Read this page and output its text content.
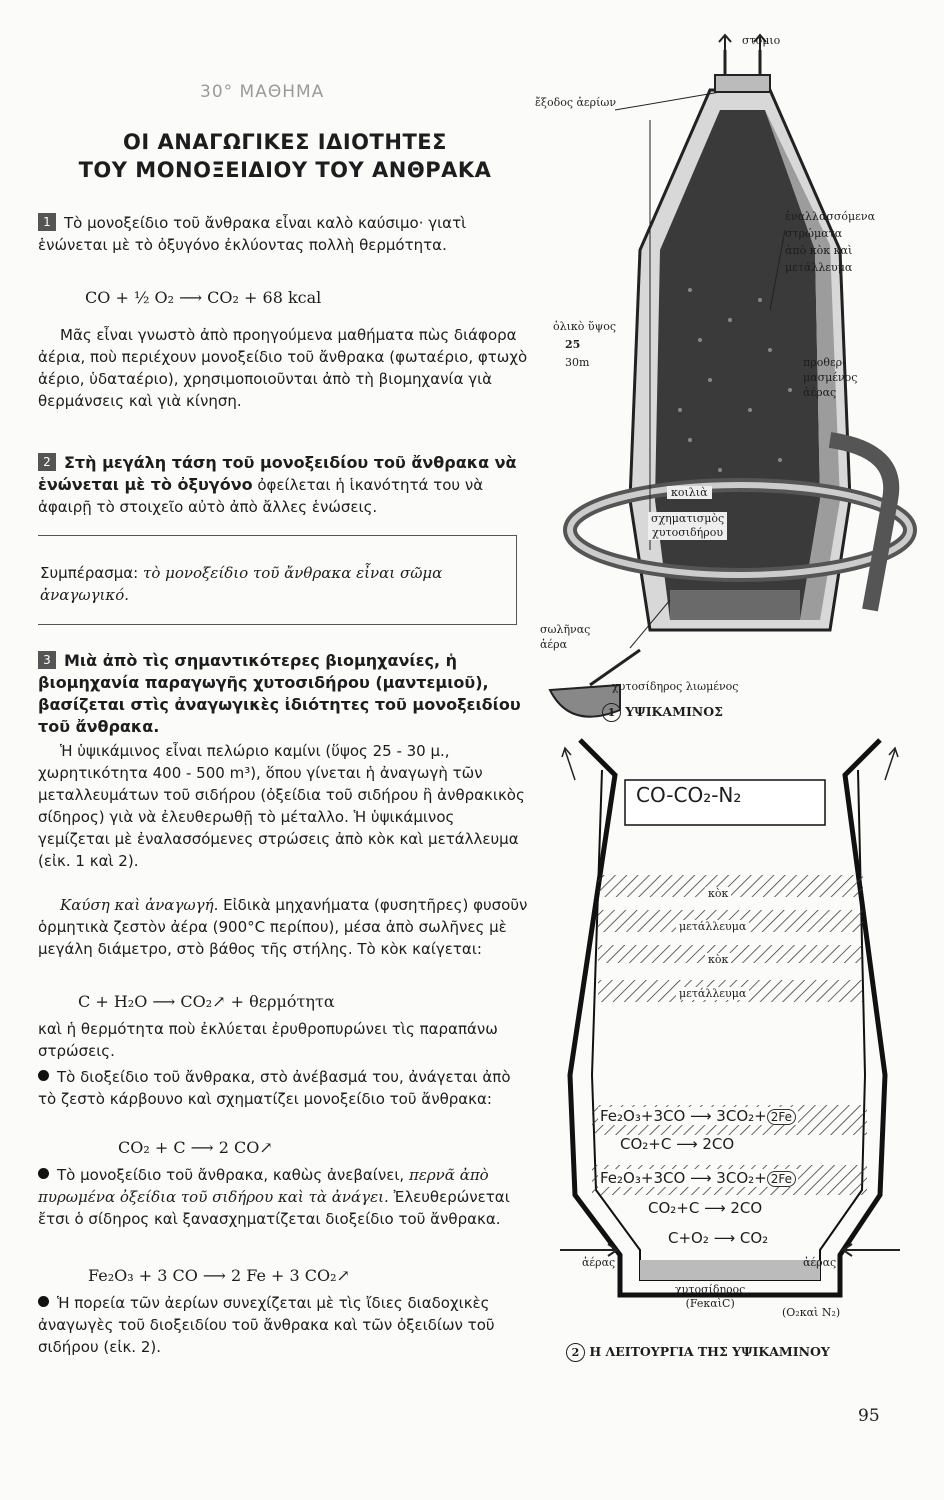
30° ΜΑΘΗΜΑ
ΟΙ ΑΝΑΓΩΓΙΚΕΣ ΙΔΙΟΤΗΤΕΣ
ΤΟΥ ΜΟΝΟΞΕΙΔΙΟΥ ΤΟΥ ΑΝΘΡΑΚΑ
1 Τὸ μονοξείδιο τοῦ ἄνθρακα εἶναι καλὸ καύσιμο· γιατὶ ἑνώνεται μὲ τὸ ὀξυγόνο ἐκλύοντας πολλὴ θερμότητα.
CO + ½ O₂ ⟶ CO₂ + 68 kcal
Μᾶς εἶναι γνωστὸ ἀπὸ προηγούμενα μαθήματα πὼς διάφορα ἀέρια, ποὺ περιέχουν μονοξείδιο τοῦ ἄνθρακα (φωταέριο, φτωχὸ ἀέριο, ὑδαταέριο), χρησιμοποιοῦνται ἀπὸ τὴ βιομηχανία γιὰ θερμάνσεις καὶ γιὰ κίνηση.
2 Στὴ μεγάλη τάση τοῦ μονοξειδίου τοῦ ἄνθρακα νὰ ἑνώνεται μὲ τὸ ὀξυγόνο ὀφείλεται ἡ ἱκανότητά του νὰ ἀφαιρῇ τὸ στοιχεῖο αὐτὸ ἀπὸ ἄλλες ἑνώσεις.
Συμπέρασμα: τὸ μονοξείδιο τοῦ ἄνθρακα εἶναι σῶμα ἀναγωγικό.
3 Μιὰ ἀπὸ τὶς σημαντικότερες βιομηχανίες, ἡ βιομηχανία παραγωγῆς χυτοσιδήρου (μαντεμιοῦ), βασίζεται στὶς ἀναγωγικὲς ἰδιότητες τοῦ μονοξειδίου τοῦ ἄνθρακα.
Ἡ ὑψικάμινος εἶναι πελώριο καμίνι (ὕψος 25 - 30 μ., χωρητικότητα 400 - 500 m³), ὅπου γίνεται ἡ ἀναγωγὴ τῶν μεταλλευμάτων τοῦ σιδήρου (ὀξείδια τοῦ σιδήρου ἢ ἀνθρακικὸς σίδηρος) γιὰ νὰ ἐλευθερωθῇ τὸ μέταλλο. Ἡ ὑψικάμινος γεμίζεται μὲ ἐναλασσόμενες στρώσεις ἀπὸ κὸκ καὶ μετάλλευμα (εἰκ. 1 καὶ 2).
Καύση καὶ ἀναγωγή. Εἰδικὰ μηχανήματα (φυσητῆρες) φυσοῦν ὁρμητικὰ ζεστὸν ἀέρα (900°C περίπου), μέσα ἀπὸ σωλῆνες μὲ μεγάλη διάμετρο, στὸ βάθος τῆς στήλης. Τὸ κὸκ καίγεται:
C + H₂O ⟶ CO₂↗ + θερμότητα
καὶ ἡ θερμότητα ποὺ ἐκλύεται ἐρυθροπυρώνει τὶς παραπάνω στρώσεις.
Τὸ διοξείδιο τοῦ ἄνθρακα, στὸ ἀνέβασμά του, ἀνάγεται ἀπὸ τὸ ζεστὸ κάρβουνο καὶ σχηματίζει μονοξείδιο τοῦ ἄνθρακα:
CO₂ + C ⟶ 2 CO↗
Τὸ μονοξείδιο τοῦ ἄνθρακα, καθὼς ἀνεβαίνει, περνᾶ ἀπὸ πυρωμένα ὀξείδια τοῦ σιδήρου καὶ τὰ ἀνάγει. Ἐλευθερώνεται ἔτσι ὁ σίδηρος καὶ ξανασχηματίζεται διοξείδιο τοῦ ἄνθρακα.
Fe₂O₃ + 3 CO ⟶ 2 Fe + 3 CO₂↗
Ἡ πορεία τῶν ἀερίων συνεχίζεται μὲ τὶς ἴδιες διαδοχικὲς ἀναγωγὲς τοῦ διοξειδίου τοῦ ἄνθρακα καὶ τῶν ὀξειδίων τοῦ σιδήρου (εἰκ. 2).
στόμιο
ἔξοδος ἀερίων
ἐναλλασσόμενα
στρώματα
ἀπὸ κὸκ καὶ
μετάλλευμα
ὁλικὸ ὕψος
25
30m	προθερ-
μασμένος
ἀέρας
κοιλιὰ
σχηματισμὸς
χυτοσιδήρου
σωλῆνας
ἀέρα
χυτοσίδηρος λιωμένος
1 ΥΨΙΚΑΜΙΝΟΣ
CO-CO₂-N₂
κὸκ
μετάλλευμα
κὸκ
μετάλλευμα
Fe₂O₃+3CO ⟶ 3CO₂+ 2Fe
CO₂+C ⟶ 2CO
Fe₂O₃+3CO ⟶ 3CO₂+ 2Fe
CO₂+C ⟶ 2CO
C+O₂ ⟶ CO₂
ἀέρας	ἀέρας
χυτοσίδηρος
(FeκαὶC)
(O₂καὶ N₂)
2 Η ΛΕΙΤΟΥΡΓΙΑ ΤΗΣ ΥΨΙΚΑΜΙΝΟΥ
95
